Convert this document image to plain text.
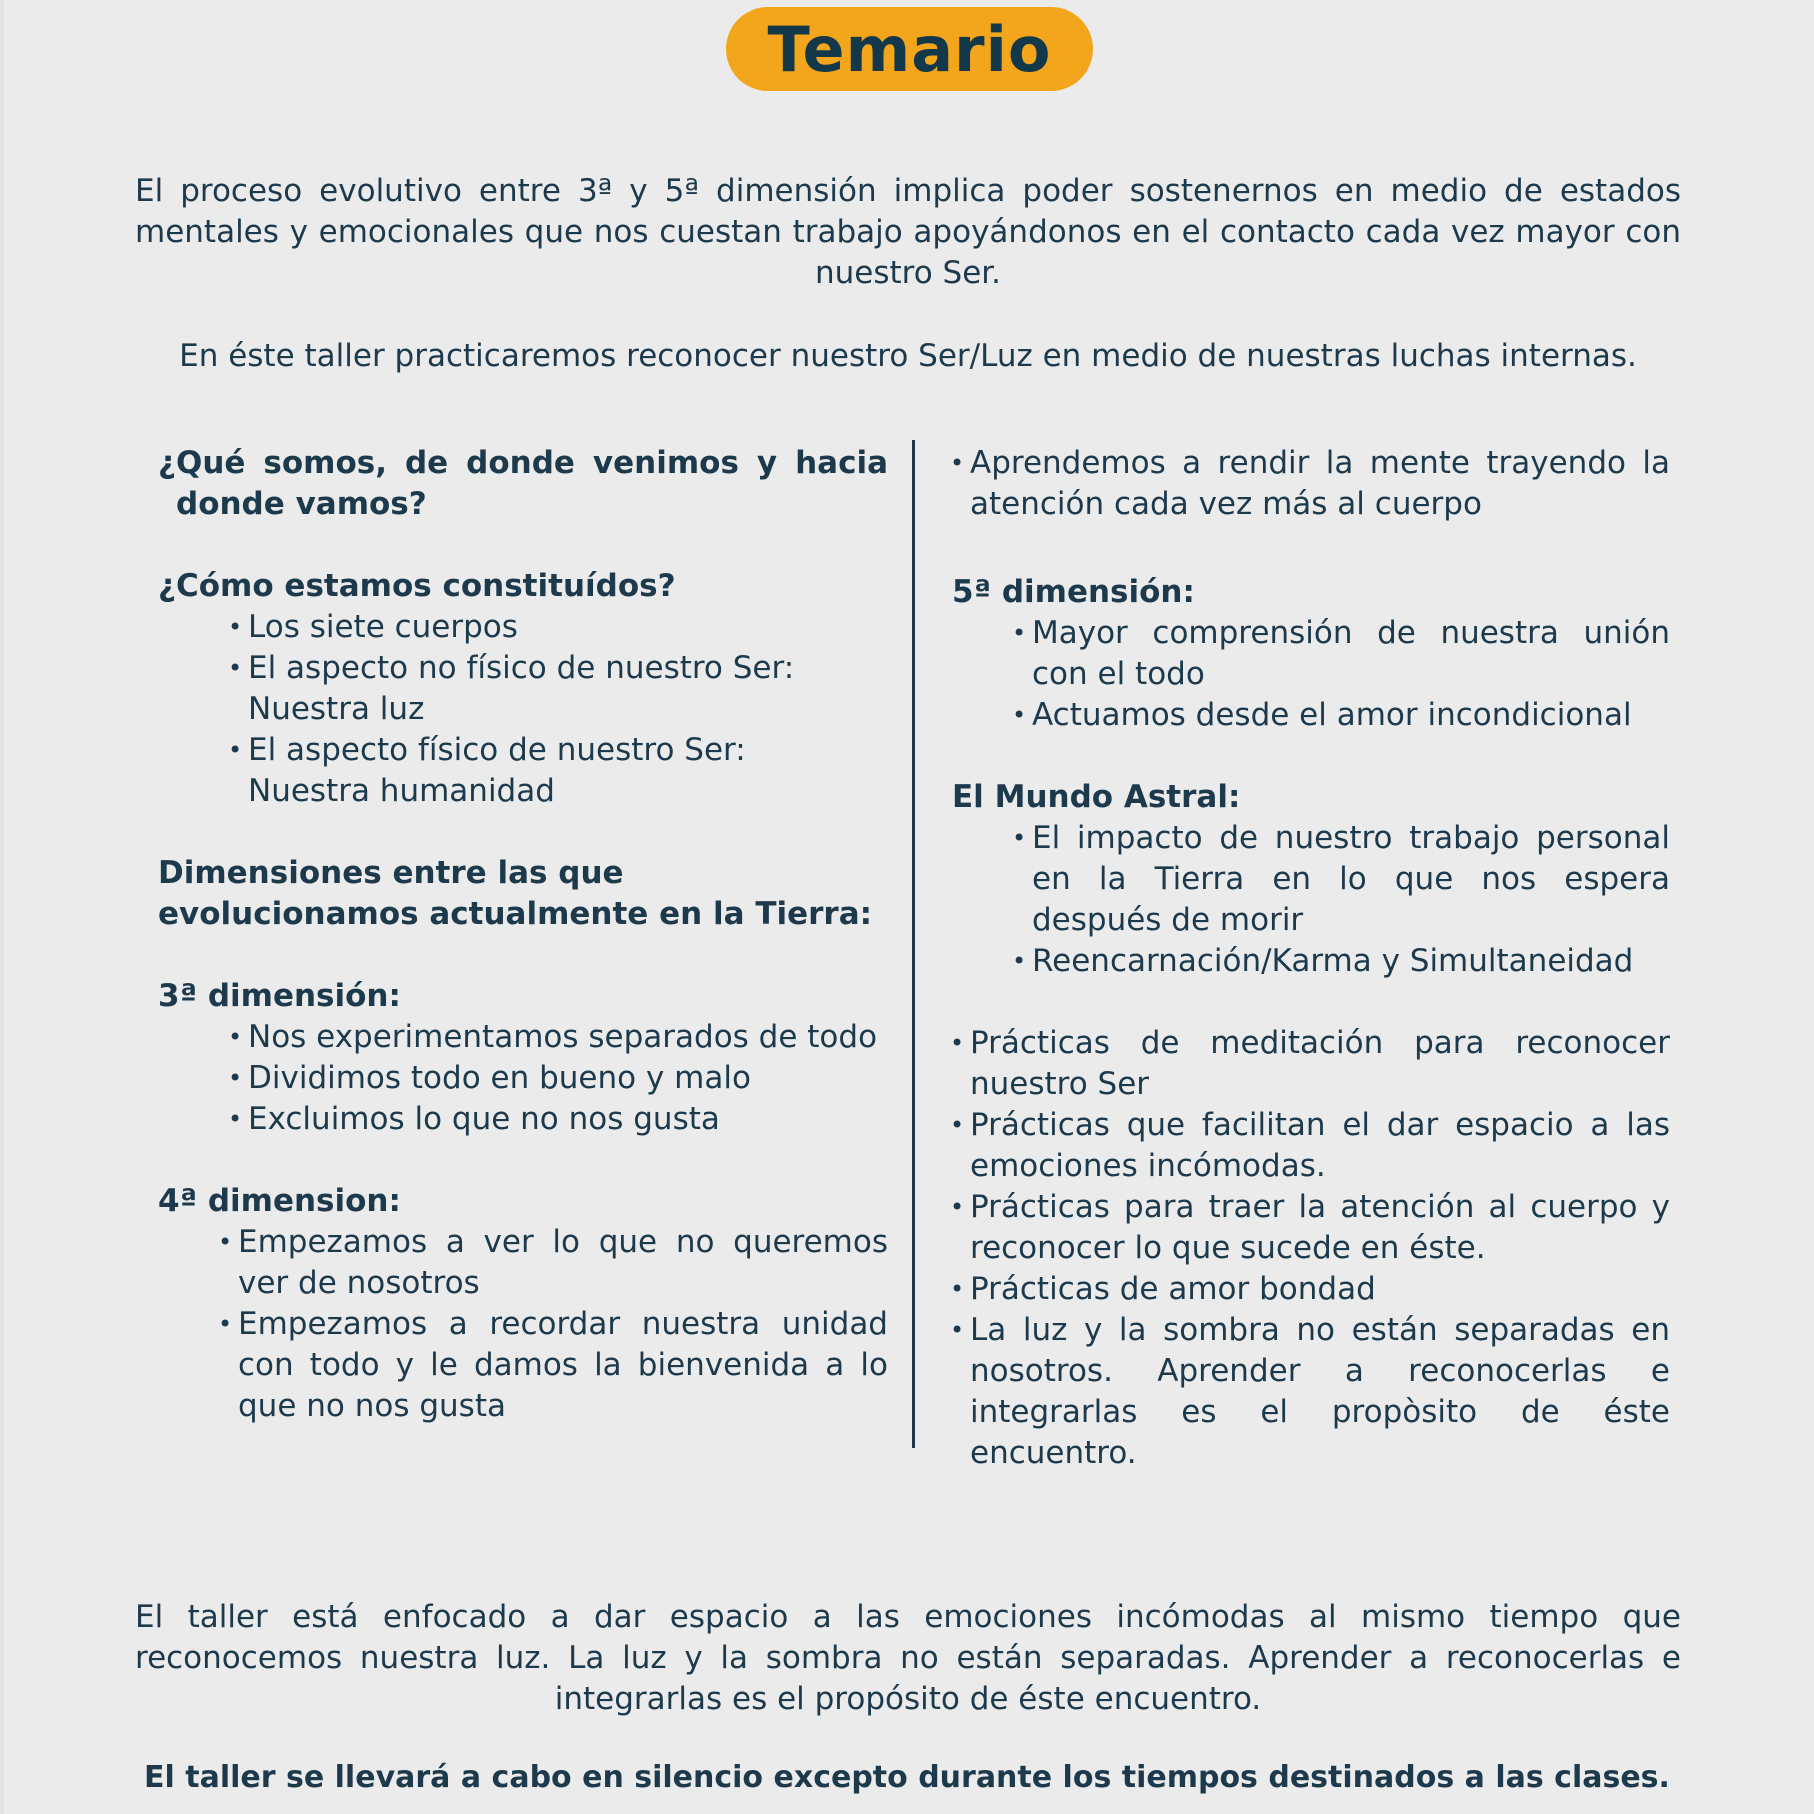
Temario

El proceso evolutivo entre 3ª y 5ª dimensión implica poder sostenernos en medio de estados mentales y emocionales que nos cuestan trabajo apoyándonos en el contacto cada vez mayor con nuestro Ser.

En éste taller practicaremos reconocer nuestro Ser/Luz en medio de nuestras luchas internas.

¿Qué somos, de donde venimos y hacia donde vamos?

¿Cómo estamos constituídos?

• Los siete cuerpos
• El aspecto no físico de nuestro Ser: Nuestra luz
• El aspecto físico de nuestro Ser: Nuestra humanidad

Dimensiones entre las que evolucionamos actualmente en la Tierra:

3ª dimensión:

• Nos experimentamos separados de todo
• Dividimos todo en bueno y malo
• Excluimos lo que no nos gusta

4ª dimension:

• Empezamos a ver lo que no queremos ver de nosotros
• Empezamos a recordar nuestra unidad con todo y le damos la bienvenida a lo que no nos gusta
• Aprendemos a rendir la mente trayendo la atención cada vez más al cuerpo

5ª dimensión:

• Mayor comprensión de nuestra unión con el todo
• Actuamos desde el amor incondicional

El Mundo Astral:

• El impacto de nuestro trabajo personal en la Tierra en lo que nos espera después de morir
• Reencarnación/Karma y Simultaneidad
• Prácticas de meditación para reconocer nuestro Ser
• Prácticas que facilitan el dar espacio a las emociones incómodas.
• Prácticas para traer la atención al cuerpo y reconocer lo que sucede en éste.
• Prácticas de amor bondad
• La luz y la sombra no están separadas en nosotros. Aprender a reconocerlas e integrarlas es el propòsito de éste encuentro.

El taller está enfocado a dar espacio a las emociones incómodas al mismo tiempo que reconocemos nuestra luz. La luz y la sombra no están separadas. Aprender a reconocerlas e integrarlas es el propósito de éste encuentro.

El taller se llevará a cabo en silencio excepto durante los tiempos destinados a las clases.
